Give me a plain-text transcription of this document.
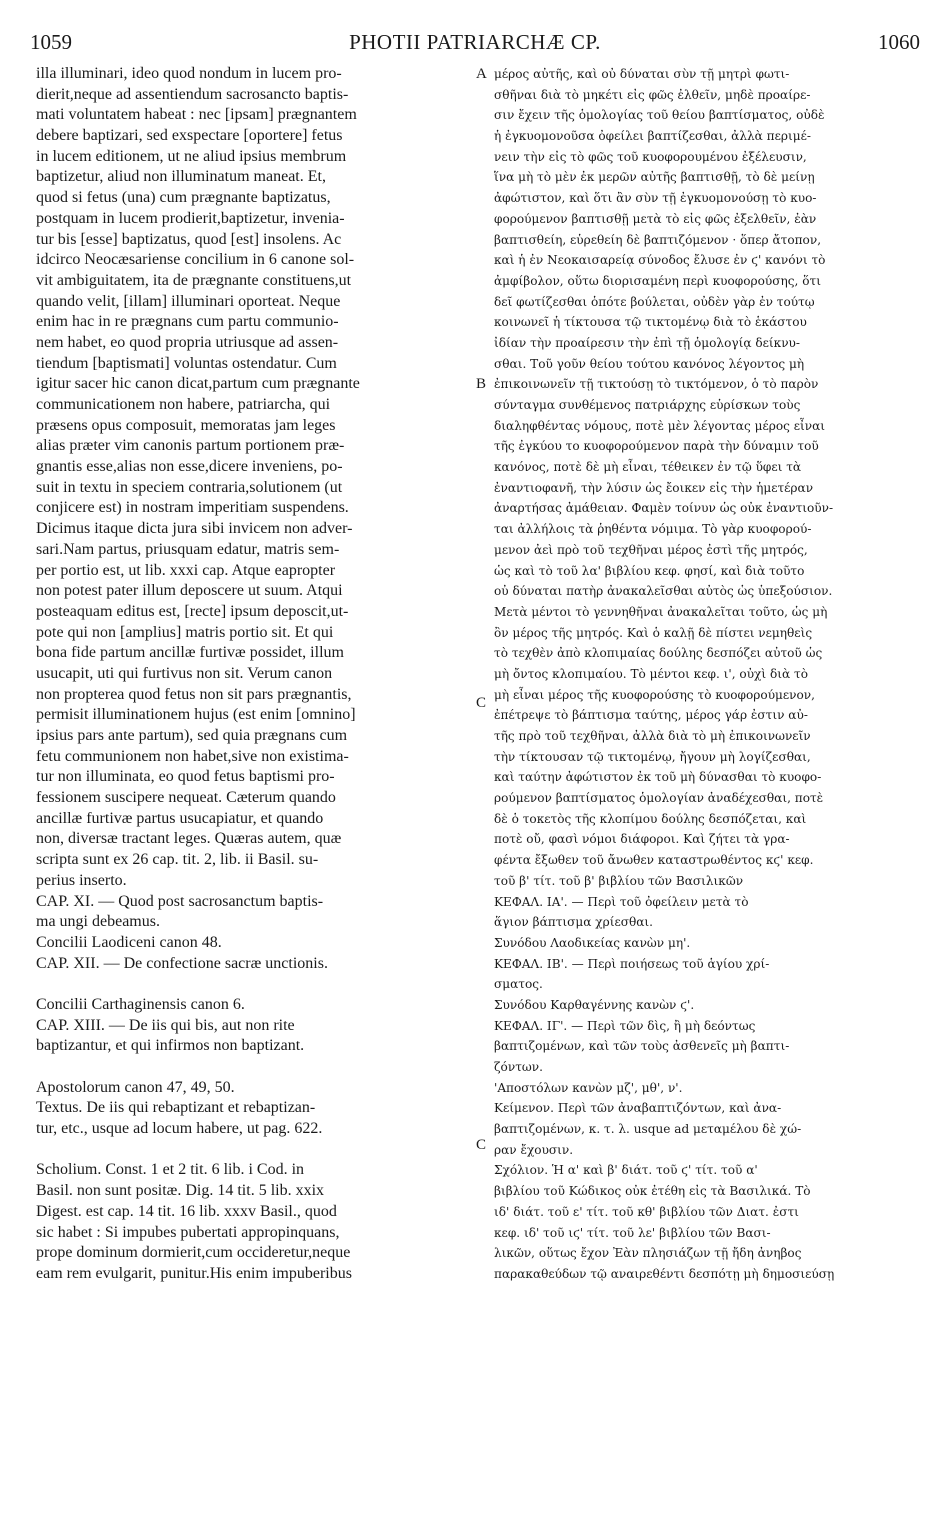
1059	PHOTII PATRIARCHÆ CP.	1060
illa illuminari, ideo quod nondum in lucem pro-
dierit,neque ad assentiendum sacrosancto baptis-
mati voluntatem habeat : nec [ipsam] prægnantem
debere baptizari, sed exspectare [oportere] fetus
in lucem editionem, ut ne aliud ipsius membrum
baptizetur, aliud non illuminatum maneat. Et,
quod si fetus (una) cum prægnante baptizatus,
postquam in lucem prodierit,baptizetur, invenia-
tur bis [esse] baptizatus, quod [est] insolens. Ac
idcirco Neocæsariense concilium in 6 canone sol-
vit ambiguitatem, ita de prægnante constituens,ut
quando velit, [illam] illuminari oporteat. Neque
enim hac in re prægnans cum partu communio-
nem habet, eo quod propria utriusque ad assen-
tiendum [baptismati] voluntas ostendatur. Cum
igitur sacer hic canon dicat,partum cum prægnante
communicationem non habere, patriarcha, qui
præsens opus composuit, memoratas jam leges
alias præter vim canonis partum portionem præ-
gnantis esse,alias non esse,dicere inveniens, po-
suit in textu in speciem contraria,solutionem (ut
conjicere est) in nostram imperitiam suspendens.
Dicimus itaque dicta jura sibi invicem non adver-
sari.Nam partus, priusquam edatur, matris sem-
per portio est, ut lib. xxxi cap. Atque eapropter
non potest pater illum deposcere ut suum. Atqui
posteaquam editus est, [recte] ipsum deposcit,ut-
pote qui non [amplius] matris portio sit. Et qui
bona fide partum ancillæ furtivæ possidet, illum
usucapit, uti qui furtivus non sit. Verum canon
non propterea quod fetus non sit pars prægnantis,
permisit illuminationem hujus (est enim [omnino]
ipsius pars ante partum), sed quia prægnans cum
fetu communionem non habet,sive non existima-
tur non illuminata, eo quod fetus baptismi pro-
fessionem suscipere nequeat. Cæterum quando
ancillæ furtivæ partus usucapiatur, et quando
non, diversæ tractant leges. Quæras autem, quæ
scripta sunt ex 26 cap. tit. 2, lib. ii Basil. su-
perius inserto.
CAP. XI. — Quod post sacrosanctum baptis-
ma ungi debeamus.
Concilii Laodiceni canon 48.
CAP. XII. — De confectione sacræ unctionis.
Concilii Carthaginensis canon 6.
CAP. XIII. — De iis qui bis, aut non rite
baptizantur, et qui infirmos non baptizant.
Apostolorum canon 47, 49, 50.
Textus. De iis qui rebaptizant et rebaptizan-
tur, etc., usque ad locum habere, ut pag. 622.
Scholium. Const. 1 et 2 tit. 6 lib. i Cod. in
Basil. non sunt positæ. Dig. 14 tit. 5 lib. xxix
Digest. est cap. 14 tit. 16 lib. xxxv Basil., quod
sic habet : Si impubes pubertati appropinquans,
prope dominum dormierit,cum occideretur,neque
eam rem evulgarit, punitur.His enim impuberibus
μέρος αὐτῆς, καὶ οὐ δύναται σὺν τῇ μητρὶ φωτι-
σθῆναι διὰ τὸ μηκέτι εἰς φῶς ἐλθεῖν, μηδὲ προαίρε-
σιν ἔχειν τῆς ὁμολογίας τοῦ θείου βαπτίσματος, οὐδὲ
ἡ ἐγκυομονοῦσα ὀφείλει βαπτίζεσθαι, ἀλλὰ περιμέ-
νειν τὴν εἰς τὸ φῶς τοῦ κυοφορουμένου ἐξέλευσιν,
ἵνα μὴ τὸ μὲν ἐκ μερῶν αὐτῆς βαπτισθῇ, τὸ δὲ μείνῃ
ἀφώτιστον, καὶ ὅτι ἂν σὺν τῇ ἐγκυομονούσῃ τὸ κυο-
φορούμενον βαπτισθῇ μετὰ τὸ εἰς φῶς ἐξελθεῖν, ἐὰν
βαπτισθείη, εὑρεθείη δὲ βαπτιζόμενον · ὅπερ ἄτοπον,
καὶ ἡ ἐν Νεοκαισαρείᾳ σύνοδος ἔλυσε ἐν ϛ' κανόνι τὸ
ἀμφίβολον, οὕτω διορισαμένη περὶ κυοφορούσης, ὅτι
δεῖ φωτίζεσθαι ὁπότε βούλεται, οὐδὲν γὰρ ἐν τούτῳ
κοινωνεῖ ἡ τίκτουσα τῷ τικτομένῳ διὰ τὸ ἑκάστου
ἰδίαν τὴν προαίρεσιν τὴν ἐπὶ τῇ ὁμολογίᾳ δείκνυ-
σθαι. Τοῦ γοῦν θείου τούτου κανόνος λέγοντος μὴ
ἐπικοινωνεῖν τῇ τικτούσῃ τὸ τικτόμενον, ὁ τὸ παρὸν
σύνταγμα συνθέμενος πατριάρχης εὑρίσκων τοὺς
διαληφθέντας νόμους, ποτὲ μὲν λέγοντας μέρος εἶναι
τῆς ἐγκύου το κυοφορούμενον παρὰ τὴν δύναμιν τοῦ
κανόνος, ποτὲ δὲ μὴ εἶναι, τέθεικεν ἐν τῷ ὕφει τὰ
ἐναντιοφανῆ, τὴν λύσιν ὡς ἔοικεν εἰς τὴν ἡμετέραν
ἀναρτήσας ἀμάθειαν. Φαμὲν τοίνυν ὡς οὐκ ἐναντιοῦν-
ται ἀλλήλοις τὰ ῥηθέντα νόμιμα. Τὸ γὰρ κυοφορού-
μενον ἀεὶ πρὸ τοῦ τεχθῆναι μέρος ἐστὶ τῆς μητρός,
ὡς καὶ τὸ τοῦ λα' βιβλίου κεφ. φησί, καὶ διὰ τοῦτο
οὐ δύναται πατὴρ ἀνακαλεῖσθαι αὐτὸς ὡς ὑπεξούσιον.
Μετὰ μέντοι τὸ γεννηθῆναι ἀνακαλεῖται τοῦτο, ὡς μὴ
ὂν μέρος τῆς μητρός. Καὶ ὁ καλῇ δὲ πίστει νεμηθεὶς
τὸ τεχθὲν ἀπὸ κλοπιμαίας δούλης δεσπόζει αὐτοῦ ὡς
μὴ ὄντος κλοπιμαίου. Τὸ μέντοι κεφ. ι', οὐχὶ διὰ τὸ
μὴ εἶναι μέρος τῆς κυοφορούσης τὸ κυοφορούμενον,
ἐπέτρεψε τὸ βάπτισμα ταύτης, μέρος γάρ ἐστιν αὐ-
τῆς πρὸ τοῦ τεχθῆναι, ἀλλὰ διὰ τὸ μὴ ἐπικοινωνεῖν
τὴν τίκτουσαν τῷ τικτομένῳ, ἤγουν μὴ λογίζεσθαι,
καὶ ταύτην ἀφώτιστον ἐκ τοῦ μὴ δύνασθαι τὸ κυοφο-
ρούμενον βαπτίσματος ὁμολογίαν ἀναδέχεσθαι, ποτὲ
δὲ ὁ τοκετὸς τῆς κλοπίμου δούλης δεσπόζεται, καὶ
ποτὲ οὔ, φασὶ νόμοι διάφοροι. Καὶ ζήτει τὰ γρα-
φέντα ἔξωθεν τοῦ ἄνωθεν καταστρωθέντος κϛ' κεφ.
τοῦ β' τίτ. τοῦ β' βιβλίου τῶν Βασιλικῶν
ΚΕΦΑΛ. ΙΑ'. — Περὶ τοῦ ὀφείλειν μετὰ τὸ
ἅγιον βάπτισμα χρίεσθαι.
Συνόδου Λαοδικείας κανὼν μη'.
ΚΕΦΑΛ. ΙΒ'. — Περὶ ποιήσεως τοῦ ἁγίου χρί-
σματος.
Συνόδου Καρθαγέννης κανὼν ϛ'.
ΚΕΦΑΛ. ΙΓ'. — Περὶ τῶν δὶς, ἢ μὴ δεόντως
βαπτιζομένων, καὶ τῶν τοὺς ἀσθενεῖς μὴ βαπτι-
ζόντων.
'Αποστόλων κανὼν μζ', μθ', ν'.
Κείμενον. Περὶ τῶν ἀναβαπτιζόντων, καὶ ἀνα-
βαπτιζομένων, κ. τ. λ. usque ad μεταμέλου δὲ χώ-
ραν ἔχουσιν.
Σχόλιον. Ἡ α' καὶ β' διάτ. τοῦ ϛ' τίτ. τοῦ α'
βιβλίου τοῦ Κώδικος οὐκ ἐτέθη εἰς τὰ Βασιλικά. Τὸ
ιδ' διάτ. τοῦ ε' τίτ. τοῦ κθ' βιβλίου τῶν Διατ. ἐστι
κεφ. ιδ' τοῦ ιϛ' τίτ. τοῦ λε' βιβλίου τῶν Βασι-
λικῶν, οὕτως ἔχον Ἐὰν πλησιάζων τῇ ἤδη ἀνηβος
παρακαθεύδων τῷ αναιρεθέντι δεσπότῃ μὴ δημοσιεύσῃ
A
B
C
C
